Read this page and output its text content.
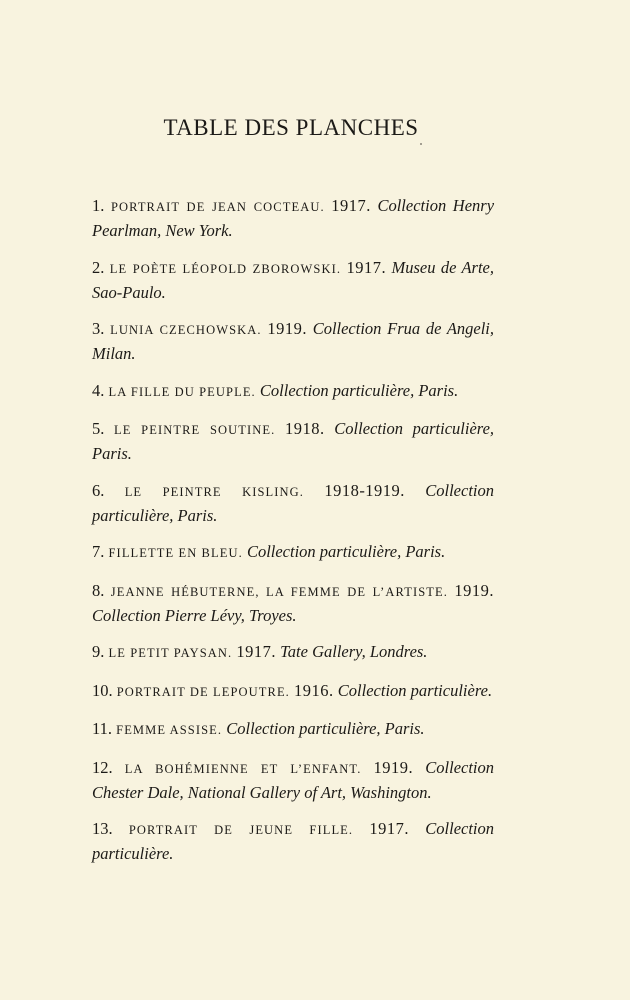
TABLE DES PLANCHES

1. PORTRAIT DE JEAN COCTEAU. 1917. Collection Henry Pearlman, New York.

2. LE POÈTE LÉOPOLD ZBOROWSKI. 1917. Museu de Arte, Sao-Paulo.

3. LUNIA CZECHOWSKA. 1919. Collection Frua de Angeli, Milan.

4. LA FILLE DU PEUPLE. Collection particulière, Paris.

5. LE PEINTRE SOUTINE. 1918. Collection particulière, Paris.

6. LE PEINTRE KISLING. 1918-1919. Collection particulière, Paris.

7. FILLETTE EN BLEU. Collection particulière, Paris.

8. JEANNE HÉBUTERNE, LA FEMME DE L’ARTISTE. 1919. Collection Pierre Lévy, Troyes.

9. LE PETIT PAYSAN. 1917. Tate Gallery, Londres.

10. PORTRAIT DE LEPOUTRE. 1916. Collection particulière.

11. FEMME ASSISE. Collection particulière, Paris.

12. LA BOHÉMIENNE ET L’ENFANT. 1919. Collection Chester Dale, National Gallery of Art, Washington.

13. PORTRAIT DE JEUNE FILLE. 1917. Collection particulière.
